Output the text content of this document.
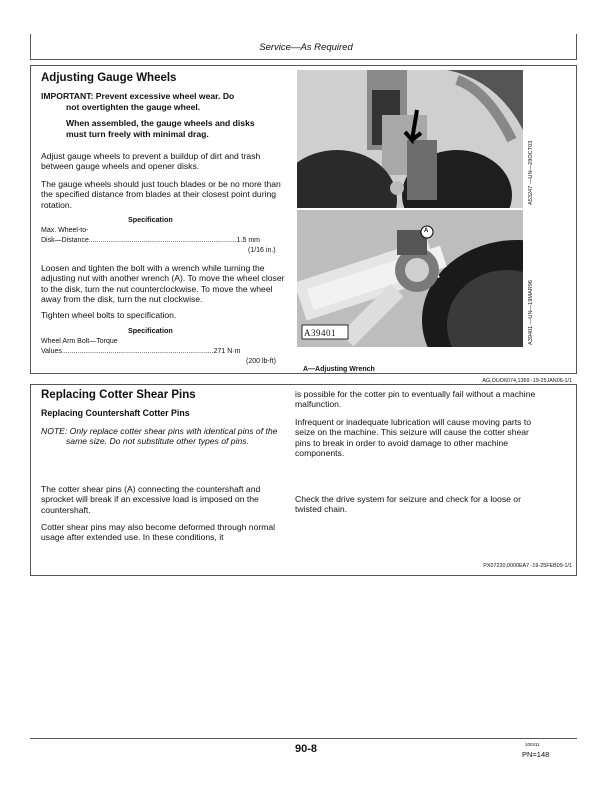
Service—As Required
Adjusting Gauge Wheels
IMPORTANT: Prevent excessive wheel wear. Do
not overtighten the gauge wheel.
When assembled, the gauge wheels and disks
must turn freely with minimal drag.
Adjust gauge wheels to prevent a buildup of dirt and trash between gauge wheels and opener disks.
The gauge wheels should just touch blades or be no more than the specified distance from blades at their closest point during rotation.
Specification
Max. Wheel-to-
Disk—Distance............................................................................1.5 mm
(1/16 in.)
Loosen and tighten the bolt with a wrench while turning the adjusting nut with another wrench (A). To move the wheel closer to the disk, turn the nut counterclockwise. To move the wheel away from the disk, turn the nut clockwise.
Tighten wheel bolts to specification.
Specification
Wheel Arm Bolt—Torque
Values..............................................................................271 N·m
(200 lb-ft)
A53247 —UN—29OCT03
A
A39401	A39401 —UN—19MAR96
A—Adjusting Wrench
AG,OUO6074,1369 -19-25JAN06-1/1
Replacing Cotter Shear Pins
Replacing Countershaft Cotter Pins
NOTE: Only replace cotter shear pins with identical pins of the same size. Do not substitute other types of pins.
The cotter shear pins (A) connecting the countershaft and sprocket will break if an excessive load is imposed on the countershaft.
Cotter shear pins may also become deformed through normal usage after extended use. In these conditions, it
is possible for the cotter pin to eventually fail without a machine malfunction.
Infrequent or inadequate lubrication will cause moving parts to seize on the machine. This seizure will cause the cotter shear pins to break in order to avoid damage to other machine components.
Check the drive system for seizure and check for a loose or twisted chain.
PX07220,0000EA7 -19-25FEB09-1/1
90-8	100411
PN=148
